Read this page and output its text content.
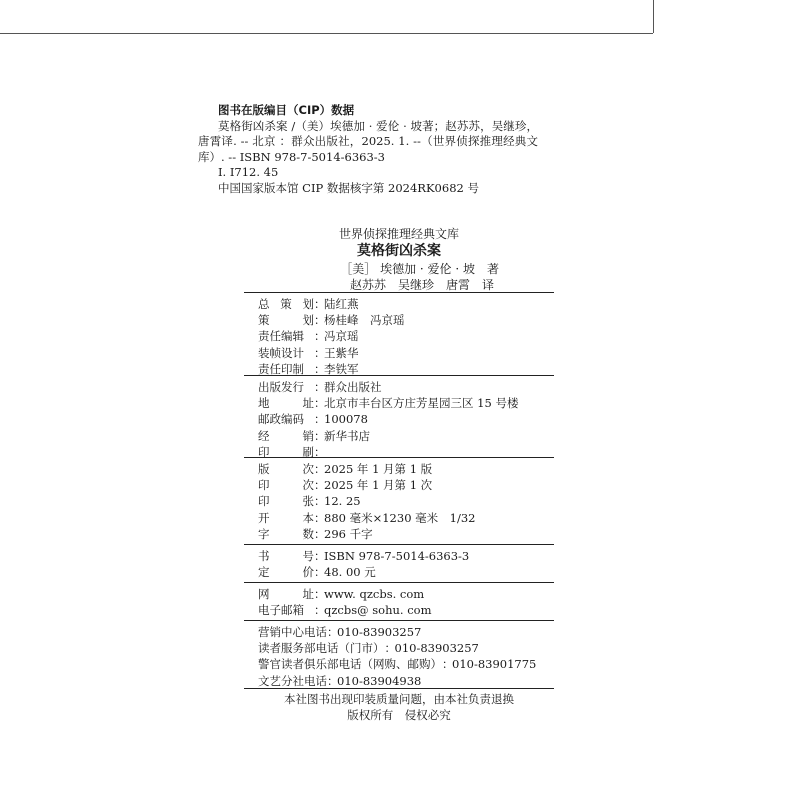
图书在版编目（CIP）数据
莫格街凶杀案 /（美）埃德加 · 爱伦 · 坡著；赵苏苏，吴继珍，唐霄译. -- 北京 ：群众出版社，2025. 1. --（世界侦探推理经典文库）. -- ISBN 978-7-5014-6363-3
Ⅰ. I712. 45
中国国家版本馆 CIP 数据核字第 2024RK0682 号
世界侦探推理经典文库
莫格街凶杀案
［美］ 埃德加 · 爱伦 · 坡　著
赵苏苏　吴继珍　唐霄　译
总 策 划 ：
陆红燕
策	划 ：
杨桂峰　冯京瑶
责任编辑 ：
冯京瑶
装帧设计 ：
王紫华
责任印制 ：
李铁军
出版发行 ：
群众出版社
地	址 ：
北京市丰台区方庄芳星园三区 15 号楼
邮政编码 ：
100078
经	销 ：
新华书店
印	刷 ：
版	次 ：
2025 年 1 月第 1 版
印	次 ：
2025 年 1 月第 1 次
印	张 ：
12. 25
开	本 ：
880 毫米×1230 毫米　1/32
字	数 ：
296 千字
书	号 ：
ISBN 978-7-5014-6363-3
定	价 ：
48. 00 元
网	址 ：
www. qzcbs. com
电子邮箱 ：
qzcbs@ sohu. com
营销中心电话 ：
010-83903257
读者服务部电话（门市） ：
010-83903257
警官读者俱乐部电话（网购、邮购） ：
010-83901775
文艺分社电话 ：
010-83904938
本社图书出现印装质量问题，由本社负责退换
版权所有　侵权必究
